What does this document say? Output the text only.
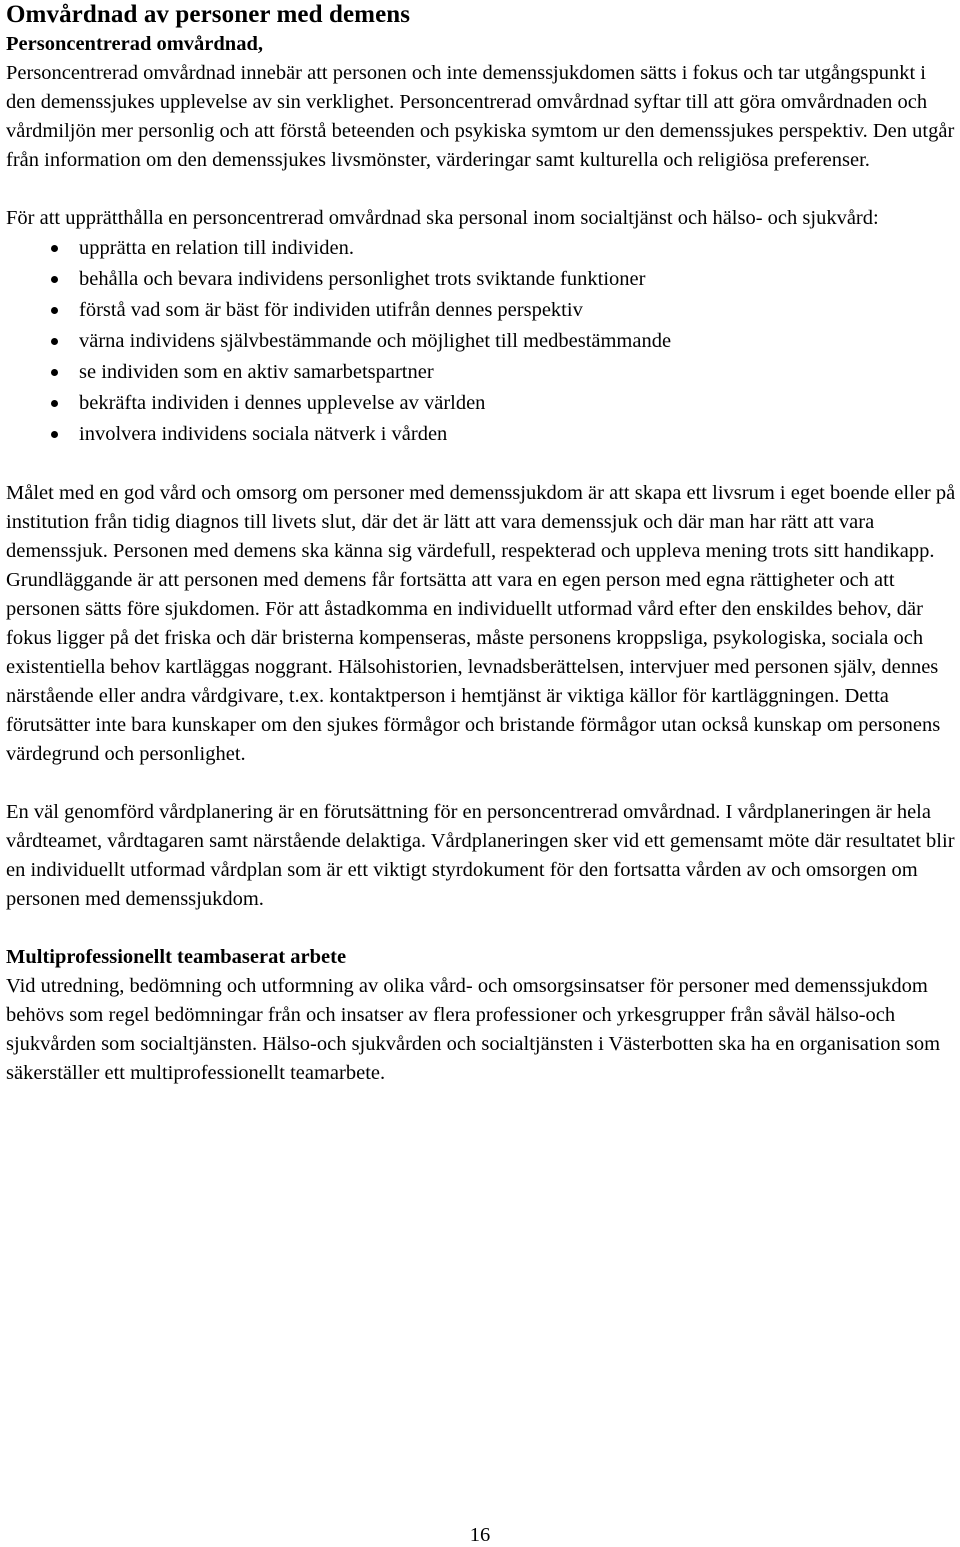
Omvårdnad av personer med demens
Personcentrerad omvårdnad,

Personcentrerad omvårdnad innebär att personen och inte demenssjukdomen sätts i fokus och tar utgångspunkt i den demenssjukes upplevelse av sin verklighet. Personcentrerad omvårdnad syftar till att göra omvårdnaden och vårdmiljön mer personlig och att förstå beteenden och psykiska symtom ur den demenssjukes perspektiv. Den utgår från information om den demenssjukes livsmönster, värderingar samt kulturella och religiösa preferenser.

För att upprätthålla en personcentrerad omvårdnad ska personal inom socialtjänst och hälso- och sjukvård:

upprätta en relation till individen.
behålla och bevara individens personlighet trots sviktande funktioner
förstå vad som är bäst för individen utifrån dennes perspektiv
värna individens självbestämmande och möjlighet till medbestämmande
se individen som en aktiv samarbetspartner
bekräfta individen i dennes upplevelse av världen
involvera individens sociala nätverk i vården

Målet med en god vård och omsorg om personer med demenssjukdom är att skapa ett livsrum i eget boende eller på institution från tidig diagnos till livets slut, där det är lätt att vara demenssjuk och där man har rätt att vara demenssjuk. Personen med demens ska känna sig värdefull, respekterad och uppleva mening trots sitt handikapp. Grundläggande är att personen med demens får fortsätta att vara en egen person med egna rättigheter och att personen sätts före sjukdomen. För att åstadkomma en individuellt utformad vård efter den enskildes behov, där fokus ligger på det friska och där bristerna kompenseras, måste personens kroppsliga, psykologiska, sociala och existentiella behov kartläggas noggrant. Hälsohistorien, levnadsberättelsen, intervjuer med personen själv, dennes närstående eller andra vårdgivare, t.ex. kontaktperson i hemtjänst är viktiga källor för kartläggningen. Detta förutsätter inte bara kunskaper om den sjukes förmågor och bristande förmågor utan också kunskap om personens värdegrund och personlighet.

En väl genomförd vårdplanering är en förutsättning för en personcentrerad omvårdnad. I vårdplaneringen är hela vårdteamet, vårdtagaren samt närstående delaktiga. Vårdplaneringen sker vid ett gemensamt möte där resultatet blir en individuellt utformad vårdplan som är ett viktigt styrdokument för den fortsatta vården av och omsorgen om personen med demenssjukdom.

Multiprofessionellt teambaserat arbete

Vid utredning, bedömning och utformning av olika vård- och omsorgsinsatser för personer med demenssjukdom behövs som regel bedömningar från och insatser av flera professioner och yrkesgrupper från såväl hälso-och sjukvården som socialtjänsten. Hälso-och sjukvården och socialtjänsten i Västerbotten ska ha en organisation som säkerställer ett multiprofessionellt teamarbete.

16
